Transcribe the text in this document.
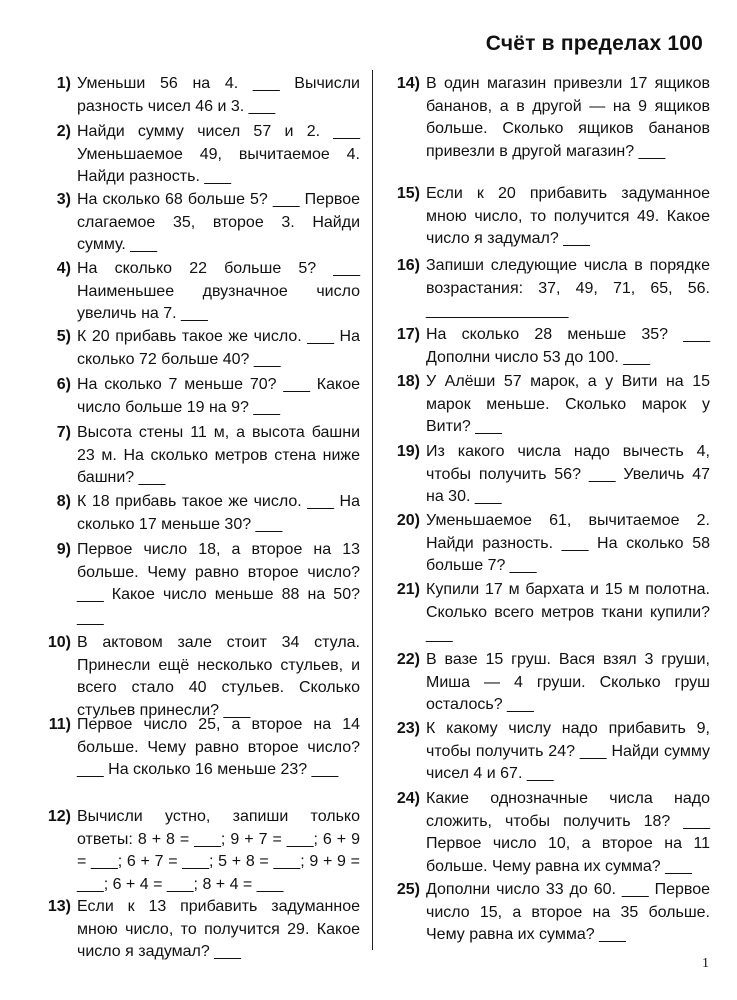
Счёт в пределах 100
1) Уменьши 56 на 4. ___ Вычисли разность чисел 46 и 3. ___
2) Найди сумму чисел 57 и 2. ___ Уменьшаемое 49, вычитаемое 4. Найди разность. ___
3) На сколько 68 больше 5? ___ Первое слагаемое 35, второе 3. Найди сумму. ___
4) На сколько 22 больше 5? ___ Наименьшее двузначное число увеличь на 7. ___
5) К 20 прибавь такое же число. ___ На сколько 72 больше 40? ___
6) На сколько 7 меньше 70? ___ Какое число больше 19 на 9? ___
7) Высота стены 11 м, а высота башни 23 м. На сколько метров стена ниже башни? ___
8) К 18 прибавь такое же число. ___ На сколько 17 меньше 30? ___
9) Первое число 18, а второе на 13 больше. Чему равно второе число? ___ Какое число меньше 88 на 50? ___
10) В актовом зале стоит 34 стула. Принесли ещё несколько стульев, и всего стало 40 стульев. Сколько стульев принесли? ___
11) Первое число 25, а второе на 14 больше. Чему равно второе число? ___ На сколько 16 меньше 23? ___
12) Вычисли устно, запиши только ответы: 8 + 8 = ___; 9 + 7 = ___; 6 + 9 = ___; 6 + 7 = ___; 5 + 8 = ___; 9 + 9 = ___; 6 + 4 = ___; 8 + 4 = ___
13) Если к 13 прибавить задуманное мною число, то получится 29. Какое число я задумал? ___
14) В один магазин привезли 17 ящиков бананов, а в другой — на 9 ящиков больше. Сколько ящиков бананов привезли в другой магазин? ___
15) Если к 20 прибавить задуманное мною число, то получится 49. Какое число я задумал? ___
16) Запиши следующие числа в порядке возрастания: 37, 49, 71, 65, 56. ________________
17) На сколько 28 меньше 35? ___ Дополни число 53 до 100. ___
18) У Алёши 57 марок, а у Вити на 15 марок меньше. Сколько марок у Вити? ___
19) Из какого числа надо вычесть 4, чтобы получить 56? ___ Увеличь 47 на 30. ___
20) Уменьшаемое 61, вычитаемое 2. Найди разность. ___ На сколько 58 больше 7? ___
21) Купили 17 м бархата и 15 м полотна. Сколько всего метров ткани купили? ___
22) В вазе 15 груш. Вася взял 3 груши, Миша — 4 груши. Сколько груш осталось? ___
23) К какому числу надо прибавить 9, чтобы получить 24? ___ Найди сумму чисел 4 и 67. ___
24) Какие однозначные числа надо сложить, чтобы получить 18? ___ Первое число 10, а второе на 11 больше. Чему равна их сумма? ___
25) Дополни число 33 до 60. ___ Первое число 15, а второе на 35 больше. Чему равна их сумма? ___
1
